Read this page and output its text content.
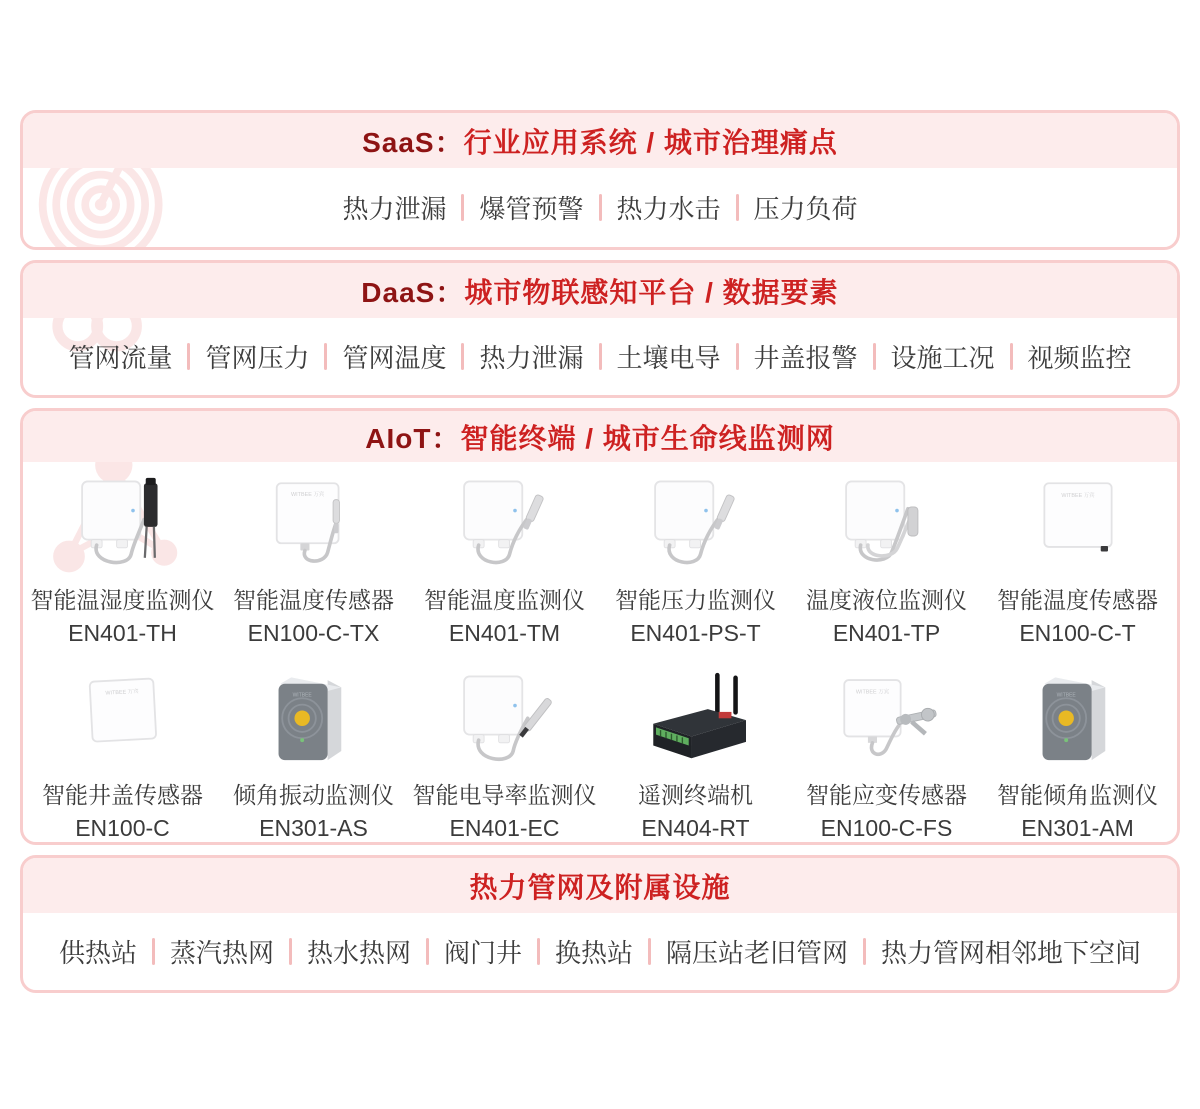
SaaS： 行业应用系统 / 城市治理痛点
热力泄漏	爆管预警	热力水击	压力负荷
DaaS： 城市物联感知平台 / 数据要素
管网流量	管网压力	管网温度	热力泄漏	土壤电导	井盖报警	设施工况	视频监控
AIoT： 智能终端 / 城市生命线监测网
智能温湿度监测仪
EN401-TH
WITBEE 万宾
智能温度传感器
EN100-C-TX
智能温度监测仪
EN401-TM
智能压力监测仪
EN401-PS-T
温度液位监测仪
EN401-TP
WITBEE 万宾
智能温度传感器
EN100-C-T
WITBEE 万宾
智能井盖传感器
EN100-C
WITBEE
倾角振动监测仪
EN301-AS
智能电导率监测仪
EN401-EC
遥测终端机
EN404-RT
WITBEE 万宾
智能应变传感器
EN100-C-FS
WITBEE
智能倾角监测仪
EN301-AM
热力管网及附属设施
供热站	蒸汽热网	热水热网	阀门井	换热站	隔压站老旧管网	热力管网相邻地下空间
